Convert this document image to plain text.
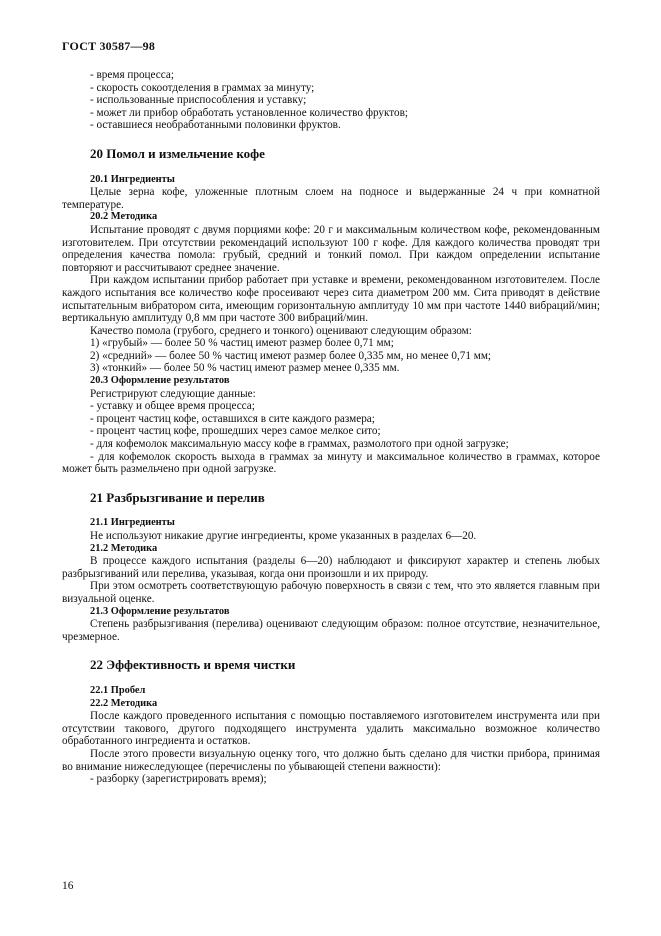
ГОСТ 30587—98

- время процесса;

- скорость сокоотделения в граммах за минуту;

- использованные приспособления и уставку;

- может ли прибор обработать установленное количество фруктов;

- оставшиеся необработанными половинки фруктов.

20 Помол и измельчение кофе

20.1 Ингредиенты

Целые зерна кофе, уложенные плотным слоем на подносе и выдержанные 24 ч при комнатной температуре.

20.2 Методика

Испытание проводят с двумя порциями кофе: 20 г и максимальным количеством кофе, рекомендованным изготовителем. При отсутствии рекомендаций используют 100 г кофе. Для каждого количества проводят три определения качества помола: грубый, средний и тонкий помол. При каждом определении испытание повторяют и рассчитывают среднее значение.

При каждом испытании прибор работает при уставке и времени, рекомендованном изготовителем. После каждого испытания все количество кофе просеивают через сита диаметром 200 мм. Сита приводят в действие испытательным вибратором сита, имеющим горизонтальную амплитуду 10 мм при частоте 1440 вибраций/мин; вертикальную амплитуду 0,8 мм при частоте 300 вибраций/мин.

Качество помола (грубого, среднего и тонкого) оценивают следующим образом:

1) «грубый» — более 50 % частиц имеют размер более 0,71 мм;

2) «средний» — более 50 % частиц имеют размер более 0,335 мм, но менее 0,71 мм;

3) «тонкий» — более 50 % частиц имеют размер менее 0,335 мм.

20.3 Оформление результатов

Регистрируют следующие данные:

- уставку и общее время процесса;

- процент частиц кофе, оставшихся в сите каждого размера;

- процент частиц кофе, прошедших через самое мелкое сито;

- для кофемолок максимальную массу кофе в граммах, размолотого при одной загрузке;

- для кофемолок скорость выхода в граммах за минуту и максимальное количество в граммах, которое может быть размельчено при одной загрузке.

21 Разбрызгивание и перелив

21.1 Ингредиенты

Не используют никакие другие ингредиенты, кроме указанных в разделах 6—20.

21.2 Методика

В процессе каждого испытания (разделы 6—20) наблюдают и фиксируют характер и степень любых разбрызгиваний или перелива, указывая, когда они произошли и их природу.

При этом осмотреть соответствующую рабочую поверхность в связи с тем, что это является главным при визуальной оценке.

21.3 Оформление результатов

Степень разбрызгивания (перелива) оценивают следующим образом: полное отсутствие, незначительное, чрезмерное.

22 Эффективность и время чистки

22.1 Пробел

22.2 Методика

После каждого проведенного испытания с помощью поставляемого изготовителем инструмента или при отсутствии такового, другого подходящего инструмента удалить максимально возможное количество обработанного ингредиента и остатков.

После этого провести визуальную оценку того, что должно быть сделано для чистки прибора, принимая во внимание нижеследующее (перечислены по убывающей степени важности):

- разборку (зарегистрировать время);

16
